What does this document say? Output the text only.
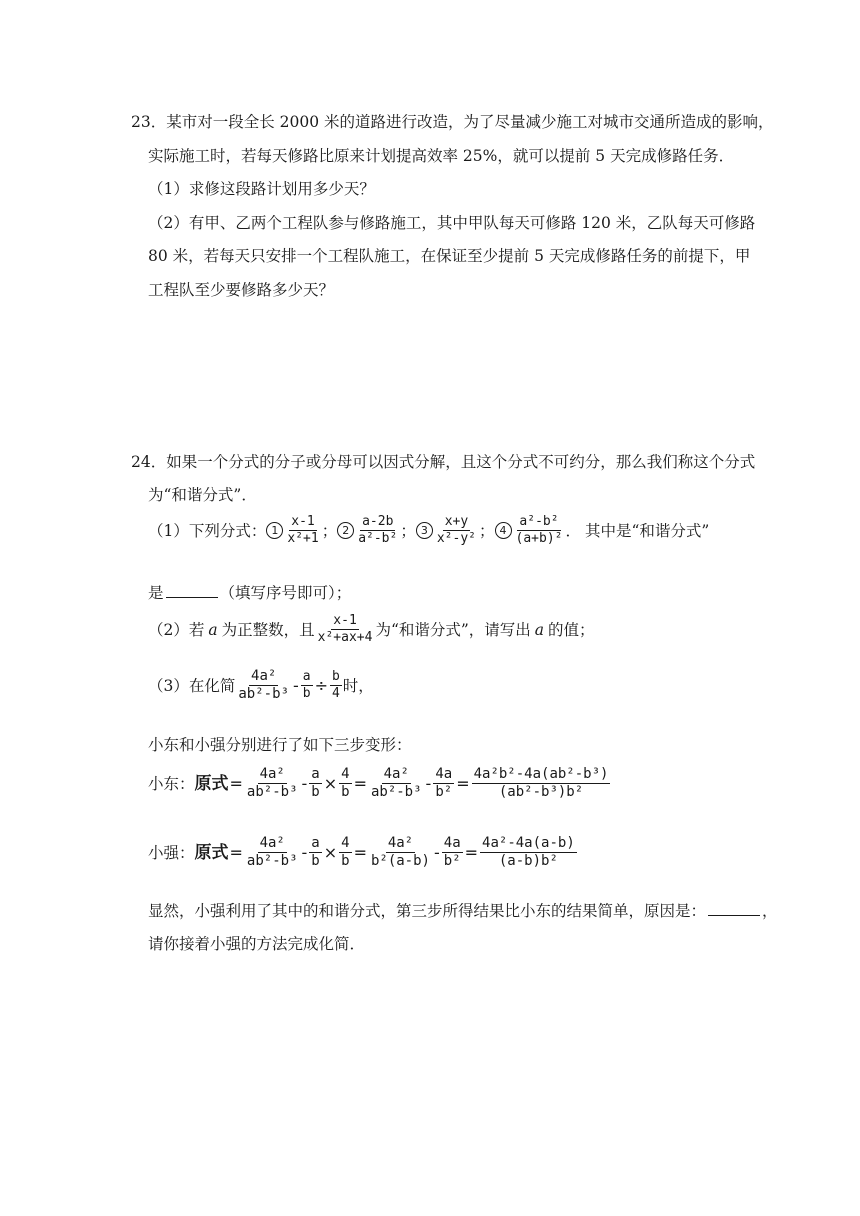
23．某市对一段全长 2000 米的道路进行改造，为了尽量减少施工对城市交通所造成的影响，
实际施工时，若每天修路比原来计划提高效率 25%，就可以提前 5 天完成修路任务．
（1）求修这段路计划用多少天？
（2）有甲、乙两个工程队参与修路施工，其中甲队每天可修路 120 米，乙队每天可修路
80 米，若每天只安排一个工程队施工，在保证至少提前 5 天完成修路任务的前提下，甲
工程队至少要修路多少天？
24．如果一个分式的分子或分母可以因式分解，且这个分式不可约分，那么我们称这个分式
为“和谐分式”．
（1）下列分式： $1 \frac{x-1}{\text{x²+1}}$ ； $2 \frac{a-2b}{\text{a²-b²}}$ ； $3 \frac{x+y}{\text{x²-y²}}$ ； $4 \frac{\text{a²-b²}}{\text{(a+b)²}}$ ． 其中是“和谐分式”
是	（填写序号即可）；
（2）若 a 为正整数，且 $\frac{x-1}{\text{x²+ax+4}}$ 为“和谐分式”，请写出 a 的值；
（3）在化简 $\frac{\text{4a²}}{\text{ab²-b³}} - \frac{a}{b} \div \frac{b}{4}$ 时，
小东和小强分别进行了如下三步变形：
小东： 原式 = $\frac{\text{4a²}}{\text{ab²-b³}} - \frac{a}{b} \times \frac{4}{b} = \frac{\text{4a²}}{\text{ab²-b³}} - \frac{4a}{\text{b²}} = \frac{\text{4a²b²-4a(ab²-b³)}}{\text{(ab²-b³)b²}}$
小强： 原式 = $\frac{\text{4a²}}{\text{ab²-b³}} - \frac{a}{b} \times \frac{4}{b} = \frac{\text{4a²}}{\text{b²(a-b)}} - \frac{4a}{\text{b²}} = \frac{\text{4a²-4a(a-b)}}{\text{(a-b)b²}}$
显然，小强利用了其中的和谐分式，第三步所得结果比小东的结果简单，原因是：	，
请你接着小强的方法完成化简．
